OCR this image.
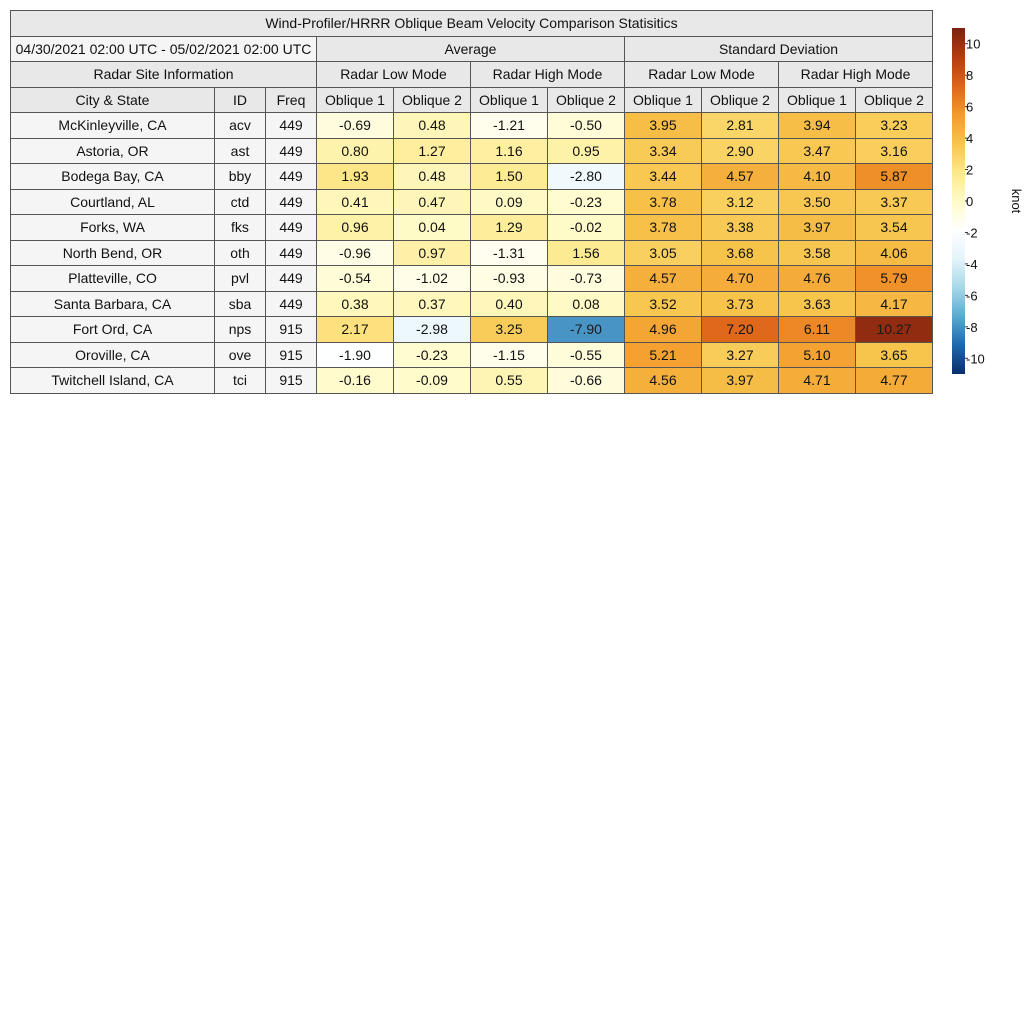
Wind-Profiler/HRRR Oblique Beam Velocity Comparison Statisitics										
04/30/2021 02:00 UTC - 05/02/2021 02:00 UTC			Average				Standard Deviation			
Radar Site Information			Radar Low Mode		Radar High Mode		Radar Low Mode		Radar High Mode	
City & State	ID	Freq	Oblique 1	Oblique 2	Oblique 1	Oblique 2	Oblique 1	Oblique 2	Oblique 1	Oblique 2
McKinleyville, CA	acv	449	-0.69	0.48	-1.21	-0.50	3.95	2.81	3.94	3.23
Astoria, OR	ast	449	0.80	1.27	1.16	0.95	3.34	2.90	3.47	3.16
Bodega Bay, CA	bby	449	1.93	0.48	1.50	-2.80	3.44	4.57	4.10	5.87
Courtland, AL	ctd	449	0.41	0.47	0.09	-0.23	3.78	3.12	3.50	3.37
Forks, WA	fks	449	0.96	0.04	1.29	-0.02	3.78	3.38	3.97	3.54
North Bend, OR	oth	449	-0.96	0.97	-1.31	1.56	3.05	3.68	3.58	4.06
Platteville, CO	pvl	449	-0.54	-1.02	-0.93	-0.73	4.57	4.70	4.76	5.79
Santa Barbara, CA	sba	449	0.38	0.37	0.40	0.08	3.52	3.73	3.63	4.17
Fort Ord, CA	nps	915	2.17	-2.98	3.25	-7.90	4.96	7.20	6.11	10.27
Oroville, CA	ove	915	-1.90	-0.23	-1.15	-0.55	5.21	3.27	5.10	3.65
Twitchell Island, CA	tci	915	-0.16	-0.09	0.55	-0.66	4.56	3.97	4.71	4.77
10
8
6
4
2
0
-2
-4
-6
-8
-10
knot
